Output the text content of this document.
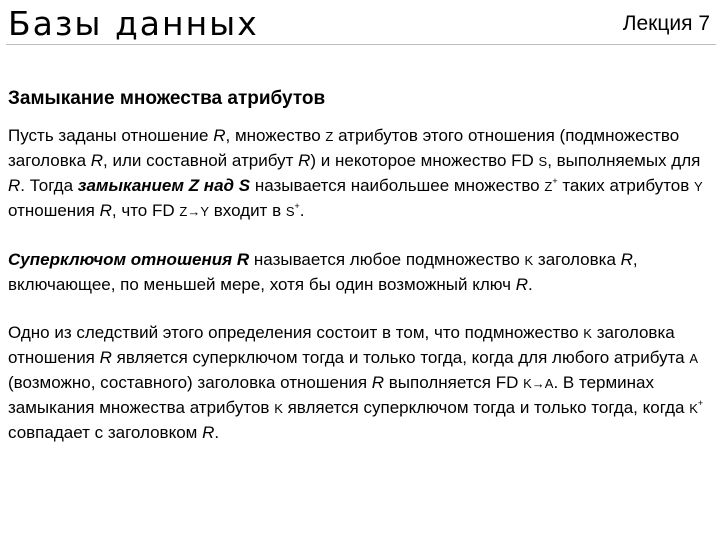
Базы данных	Лекция 7
Замыкание множества атрибутов

Пусть заданы отношение R, множество Z атрибутов этого отношения (подмножество заголовка R, или составной атрибут R) и некоторое множество FD S, выполняемых для R. Тогда замыканием Z над S называется наибольшее множество Z+ таких атрибутов Y отношения R, что FD Z→Y входит в S+.

Суперключом отношения R называется любое подмножество K заголовка R, включающее, по меньшей мере, хотя бы один возможный ключ R.

Одно из следствий этого определения состоит в том, что подмножество K заголовка отношения R является суперключом тогда и только тогда, когда для любого атрибута A (возможно, составного) заголовка отношения R выполняется FD K→A. В терминах замыкания множества атрибутов K является суперключом тогда и только тогда, когда K+ совпадает с заголовком R.
